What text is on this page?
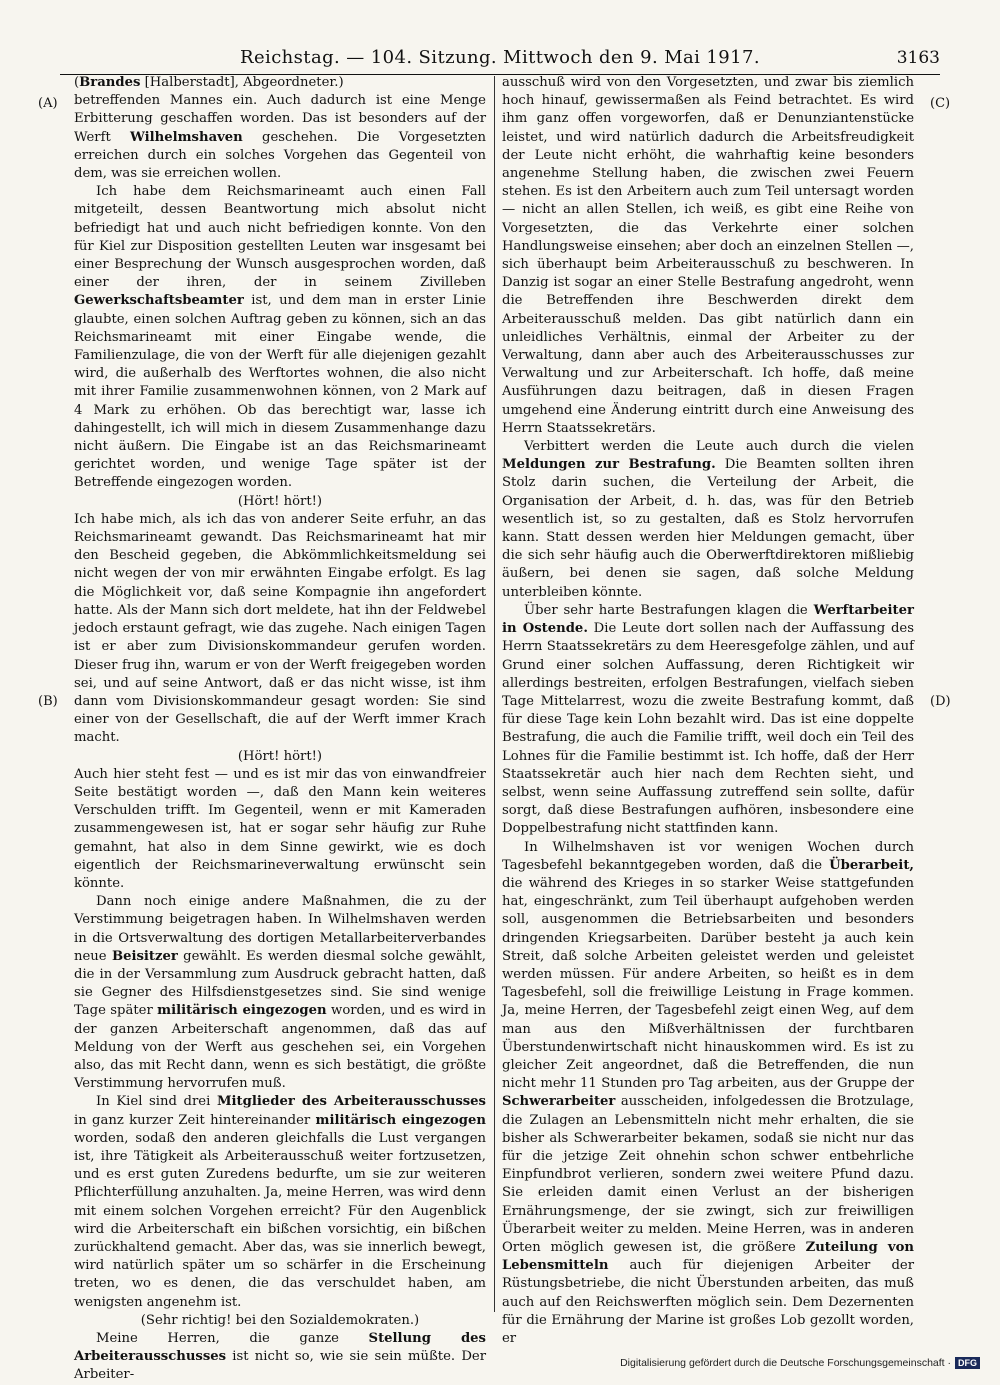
Reichstag. — 104. Sitzung. Mittwoch den 9. Mai 1917.	3163
(A)
(B)
(C)
(D)

(Brandes [Halberstadt], Abgeordneter.)

betreffenden Mannes ein. Auch dadurch ist eine Menge Erbitterung geschaffen worden. Das ist besonders auf der Werft Wilhelmshaven geschehen. Die Vorgesetzten erreichen durch ein solches Vorgehen das Gegenteil von dem, was sie erreichen wollen.

Ich habe dem Reichsmarineamt auch einen Fall mitgeteilt, dessen Beantwortung mich absolut nicht befriedigt hat und auch nicht befriedigen konnte. Von den für Kiel zur Disposition gestellten Leuten war insgesamt bei einer Besprechung der Wunsch ausgesprochen worden, daß einer der ihren, der in seinem Zivilleben Gewerkschaftsbeamter ist, und dem man in erster Linie glaubte, einen solchen Auftrag geben zu können, sich an das Reichsmarineamt mit einer Eingabe wende, die Familienzulage, die von der Werft für alle diejenigen gezahlt wird, die außerhalb des Werftortes wohnen, die also nicht mit ihrer Familie zusammenwohnen können, von 2 Mark auf 4 Mark zu erhöhen. Ob das berechtigt war, lasse ich dahingestellt, ich will mich in diesem Zusammenhange dazu nicht äußern. Die Eingabe ist an das Reichsmarineamt gerichtet worden, und wenige Tage später ist der Betreffende eingezogen worden.

(Hört! hört!)

Ich habe mich, als ich das von anderer Seite erfuhr, an das Reichsmarineamt gewandt. Das Reichsmarineamt hat mir den Bescheid gegeben, die Abkömmlichkeitsmeldung sei nicht wegen der von mir erwähnten Eingabe erfolgt. Es lag die Möglichkeit vor, daß seine Kompagnie ihn angefordert hatte. Als der Mann sich dort meldete, hat ihn der Feldwebel jedoch erstaunt gefragt, wie das zugehe. Nach einigen Tagen ist er aber zum Divisionskommandeur gerufen worden. Dieser frug ihn, warum er von der Werft freigegeben worden sei, und auf seine Antwort, daß er das nicht wisse, ist ihm dann vom Divisionskommandeur gesagt worden: Sie sind einer von der Gesellschaft, die auf der Werft immer Krach macht.

(Hört! hört!)

Auch hier steht fest — und es ist mir das von einwandfreier Seite bestätigt worden —, daß den Mann kein weiteres Verschulden trifft. Im Gegenteil, wenn er mit Kameraden zusammengewesen ist, hat er sogar sehr häufig zur Ruhe gemahnt, hat also in dem Sinne gewirkt, wie es doch eigentlich der Reichsmarineverwaltung erwünscht sein könnte.

Dann noch einige andere Maßnahmen, die zu der Verstimmung beigetragen haben. In Wilhelmshaven werden in die Ortsverwaltung des dortigen Metallarbeiterverbandes neue Beisitzer gewählt. Es werden diesmal solche gewählt, die in der Versammlung zum Ausdruck gebracht hatten, daß sie Gegner des Hilfsdienstgesetzes sind. Sie sind wenige Tage später militärisch eingezogen worden, und es wird in der ganzen Arbeiterschaft angenommen, daß das auf Meldung von der Werft aus geschehen sei, ein Vorgehen also, das mit Recht dann, wenn es sich bestätigt, die größte Verstimmung hervorrufen muß.

In Kiel sind drei Mitglieder des Arbeiterausschusses in ganz kurzer Zeit hintereinander militärisch eingezogen worden, sodaß den anderen gleichfalls die Lust vergangen ist, ihre Tätigkeit als Arbeiterausschuß weiter fortzusetzen, und es erst guten Zuredens bedurfte, um sie zur weiteren Pflichterfüllung anzuhalten. Ja, meine Herren, was wird denn mit einem solchen Vorgehen erreicht? Für den Augenblick wird die Arbeiterschaft ein bißchen vorsichtig, ein bißchen zurückhaltend gemacht. Aber das, was sie innerlich bewegt, wird natürlich später um so schärfer in die Erscheinung treten, wo es denen, die das verschuldet haben, am wenigsten angenehm ist.

(Sehr richtig! bei den Sozialdemokraten.)

Meine Herren, die ganze Stellung des Arbeiterausschusses ist nicht so, wie sie sein müßte. Der Arbeiter-

ausschuß wird von den Vorgesetzten, und zwar bis ziemlich hoch hinauf, gewissermaßen als Feind betrachtet. Es wird ihm ganz offen vorgeworfen, daß er Denunziantenstücke leistet, und wird natürlich dadurch die Arbeitsfreudigkeit der Leute nicht erhöht, die wahrhaftig keine besonders angenehme Stellung haben, die zwischen zwei Feuern stehen. Es ist den Arbeitern auch zum Teil untersagt worden — nicht an allen Stellen, ich weiß, es gibt eine Reihe von Vorgesetzten, die das Verkehrte einer solchen Handlungsweise einsehen; aber doch an einzelnen Stellen —, sich überhaupt beim Arbeiterausschuß zu beschweren. In Danzig ist sogar an einer Stelle Bestrafung angedroht, wenn die Betreffenden ihre Beschwerden direkt dem Arbeiterausschuß melden. Das gibt natürlich dann ein unleidliches Verhältnis, einmal der Arbeiter zu der Verwaltung, dann aber auch des Arbeiterausschusses zur Verwaltung und zur Arbeiterschaft. Ich hoffe, daß meine Ausführungen dazu beitragen, daß in diesen Fragen umgehend eine Änderung eintritt durch eine Anweisung des Herrn Staatssekretärs.

Verbittert werden die Leute auch durch die vielen Meldungen zur Bestrafung. Die Beamten sollten ihren Stolz darin suchen, die Verteilung der Arbeit, die Organisation der Arbeit, d. h. das, was für den Betrieb wesentlich ist, so zu gestalten, daß es Stolz hervorrufen kann. Statt dessen werden hier Meldungen gemacht, über die sich sehr häufig auch die Oberwerftdirektoren mißliebig äußern, bei denen sie sagen, daß solche Meldung unterbleiben könnte.

Über sehr harte Bestrafungen klagen die Werftarbeiter in Ostende. Die Leute dort sollen nach der Auffassung des Herrn Staatssekretärs zu dem Heeresgefolge zählen, und auf Grund einer solchen Auffassung, deren Richtigkeit wir allerdings bestreiten, erfolgen Bestrafungen, vielfach sieben Tage Mittelarrest, wozu die zweite Bestrafung kommt, daß für diese Tage kein Lohn bezahlt wird. Das ist eine doppelte Bestrafung, die auch die Familie trifft, weil doch ein Teil des Lohnes für die Familie bestimmt ist. Ich hoffe, daß der Herr Staatssekretär auch hier nach dem Rechten sieht, und selbst, wenn seine Auffassung zutreffend sein sollte, dafür sorgt, daß diese Bestrafungen aufhören, insbesondere eine Doppelbestrafung nicht stattfinden kann.

In Wilhelmshaven ist vor wenigen Wochen durch Tagesbefehl bekanntgegeben worden, daß die Überarbeit, die während des Krieges in so starker Weise stattgefunden hat, eingeschränkt, zum Teil überhaupt aufgehoben werden soll, ausgenommen die Betriebsarbeiten und besonders dringenden Kriegsarbeiten. Darüber besteht ja auch kein Streit, daß solche Arbeiten geleistet werden und geleistet werden müssen. Für andere Arbeiten, so heißt es in dem Tagesbefehl, soll die freiwillige Leistung in Frage kommen. Ja, meine Herren, der Tagesbefehl zeigt einen Weg, auf dem man aus den Mißverhältnissen der furchtbaren Überstundenwirtschaft nicht hinauskommen wird. Es ist zu gleicher Zeit angeordnet, daß die Betreffenden, die nun nicht mehr 11 Stunden pro Tag arbeiten, aus der Gruppe der Schwerarbeiter ausscheiden, infolgedessen die Brotzulage, die Zulagen an Lebensmitteln nicht mehr erhalten, die sie bisher als Schwerarbeiter bekamen, sodaß sie nicht nur das für die jetzige Zeit ohnehin schon schwer entbehrliche Einpfundbrot verlieren, sondern zwei weitere Pfund dazu. Sie erleiden damit einen Verlust an der bisherigen Ernährungsmenge, der sie zwingt, sich zur freiwilligen Überarbeit weiter zu melden. Meine Herren, was in anderen Orten möglich gewesen ist, die größere Zuteilung von Lebensmitteln auch für diejenigen Arbeiter der Rüstungsbetriebe, die nicht Überstunden arbeiten, das muß auch auf den Reichswerften möglich sein. Dem Dezernenten für die Ernährung der Marine ist großes Lob gezollt worden, er

Digitalisierung gefördert durch die Deutsche Forschungsgemeinschaft · DFG
